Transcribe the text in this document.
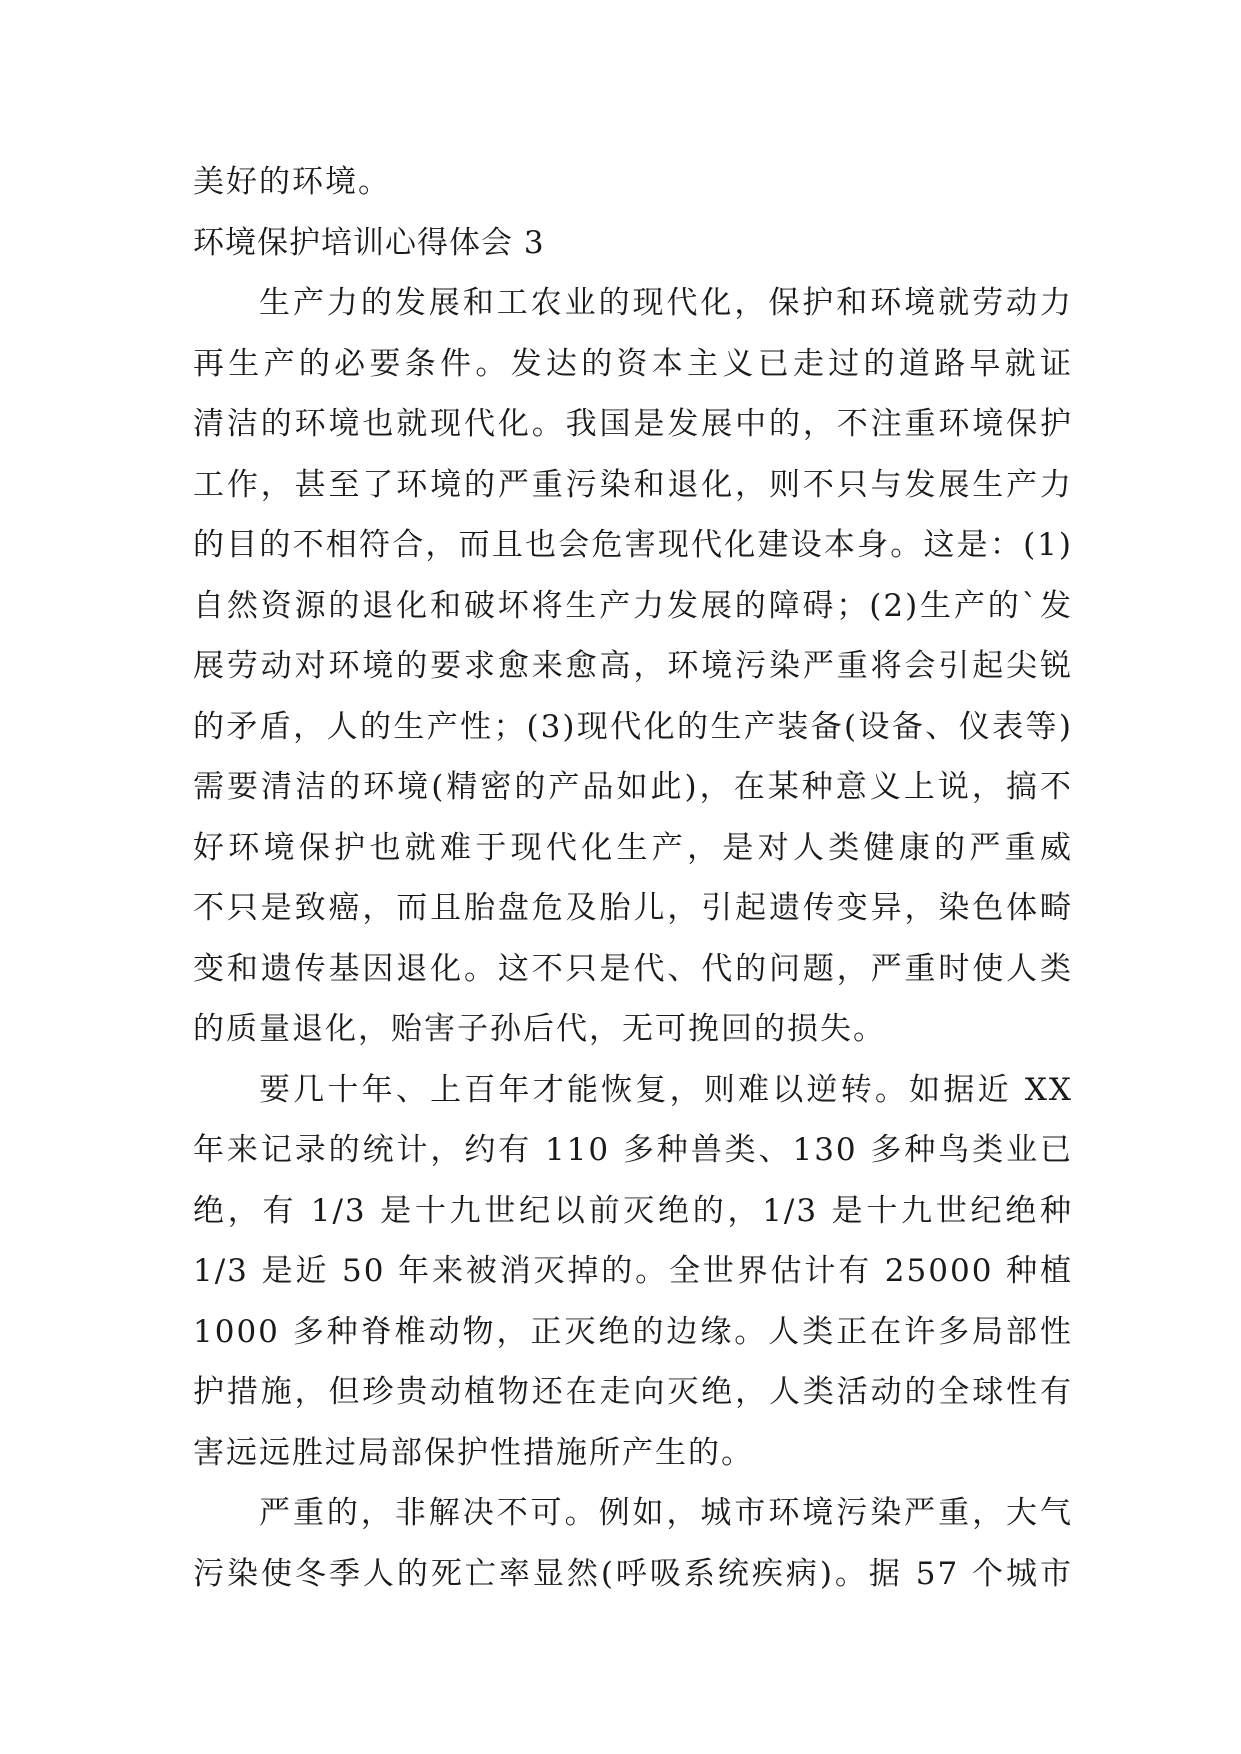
美好的环境。
环境保护培训心得体会 3
生产力的发展和工农业的现代化，保护和环境就劳动力
再生产的必要条件。发达的资本主义已走过的道路早就证
清洁的环境也就现代化。我国是发展中的，不注重环境保护
工作，甚至了环境的严重污染和退化，则不只与发展生产力
的目的不相符合，而且也会危害现代化建设本身。这是：(1)
自然资源的退化和破坏将生产力发展的障碍；(2)生产的`发
展劳动对环境的要求愈来愈高，环境污染严重将会引起尖锐
的矛盾，人的生产性；(3)现代化的生产装备(设备、仪表等)
需要清洁的环境(精密的产品如此)，在某种意义上说，搞不
好环境保护也就难于现代化生产，是对人类健康的严重威
不只是致癌，而且胎盘危及胎儿，引起遗传变异，染色体畸
变和遗传基因退化。这不只是代、代的问题，严重时使人类
的质量退化，贻害子孙后代，无可挽回的损失。
要几十年、上百年才能恢复，则难以逆转。如据近 XX
年来记录的统计，约有 110 多种兽类、130 多种鸟类业已
绝，有 1/3 是十九世纪以前灭绝的，1/3 是十九世纪绝种
1/3 是近 50 年来被消灭掉的。全世界估计有 25000 种植
1000 多种脊椎动物，正灭绝的边缘。人类正在许多局部性
护措施，但珍贵动植物还在走向灭绝，人类活动的全球性有
害远远胜过局部保护性措施所产生的。
严重的，非解决不可。例如，城市环境污染严重，大气
污染使冬季人的死亡率显然(呼吸系统疾病)。据 57 个城市
